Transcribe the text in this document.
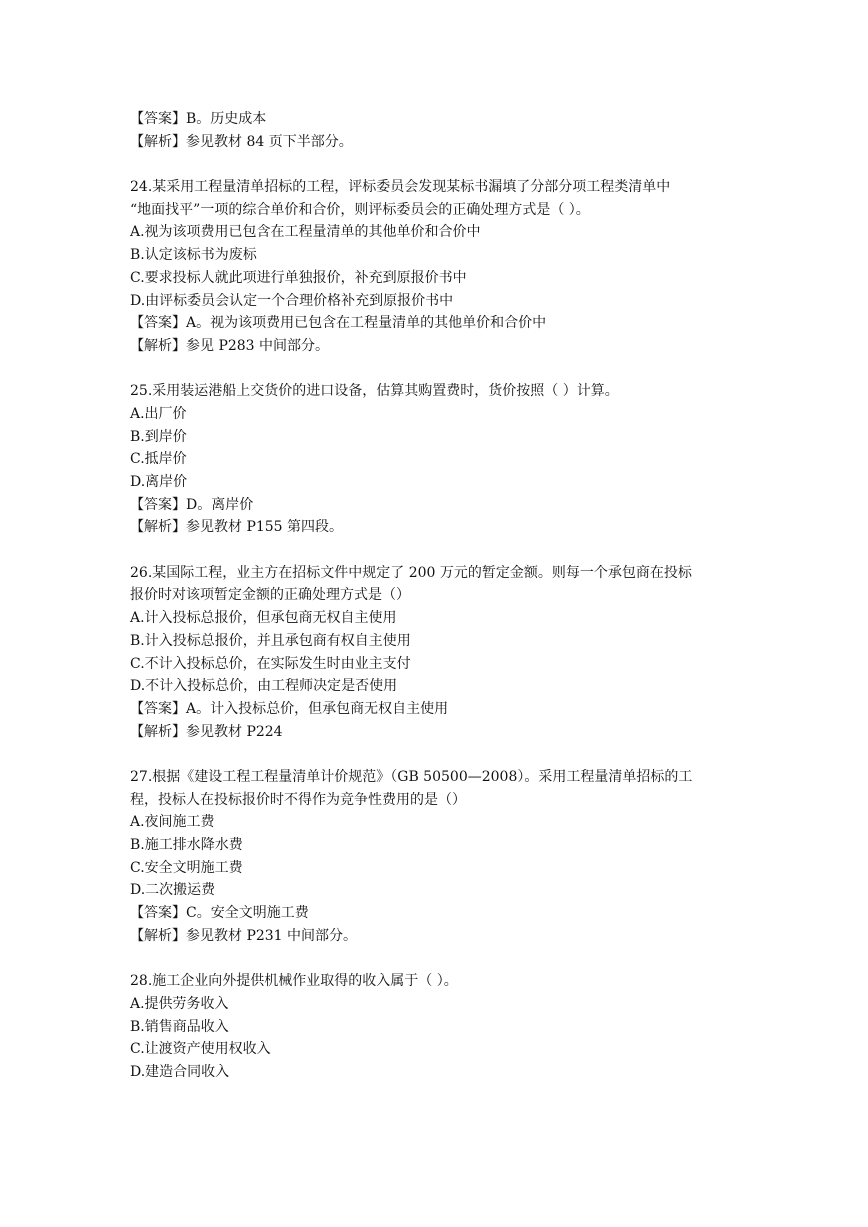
【答案】B。历史成本
【解析】参见教材 84 页下半部分。
24.某采用工程量清单招标的工程，评标委员会发现某标书漏填了分部分项工程类清单中
“地面找平”一项的综合单价和合价，则评标委员会的正确处理方式是（ ）。
A.视为该项费用已包含在工程量清单的其他单价和合价中
B.认定该标书为废标
C.要求投标人就此项进行单独报价，补充到原报价书中
D.由评标委员会认定一个合理价格补充到原报价书中
【答案】A。视为该项费用已包含在工程量清单的其他单价和合价中
【解析】参见 P283 中间部分。
25.采用装运港船上交货价的进口设备，估算其购置费时，货价按照（ ）计算。
A.出厂价
B.到岸价
C.抵岸价
D.离岸价
【答案】D。离岸价
【解析】参见教材 P155 第四段。
26.某国际工程，业主方在招标文件中规定了 200 万元的暂定金额。则每一个承包商在投标
报价时对该项暂定金额的正确处理方式是（）
A.计入投标总报价，但承包商无权自主使用
B.计入投标总报价，并且承包商有权自主使用
C.不计入投标总价，在实际发生时由业主支付
D.不计入投标总价，由工程师决定是否使用
【答案】A。计入投标总价，但承包商无权自主使用
【解析】参见教材 P224
27.根据《建设工程工程量清单计价规范》（GB 50500—2008）。采用工程量清单招标的工
程，投标人在投标报价时不得作为竞争性费用的是（）
A.夜间施工费
B.施工排水降水费
C.安全文明施工费
D.二次搬运费
【答案】C。安全文明施工费
【解析】参见教材 P231 中间部分。
28.施工企业向外提供机械作业取得的收入属于（ ）。
A.提供劳务收入
B.销售商品收入
C.让渡资产使用权收入
D.建造合同收入
